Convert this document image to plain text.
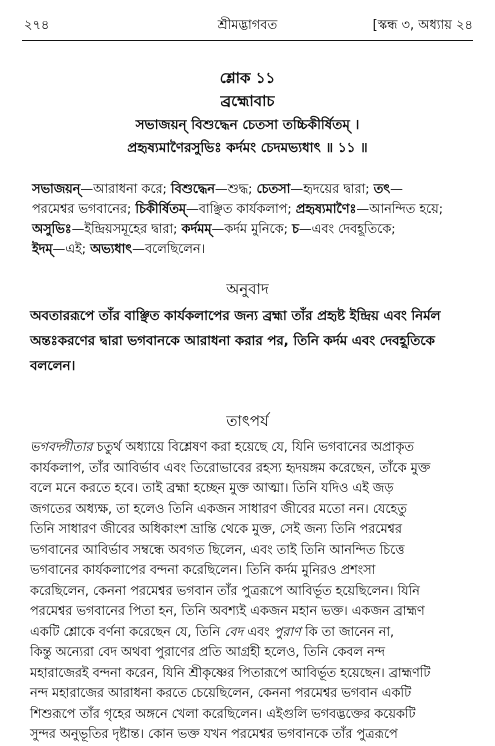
২৭৪	শ্রীমদ্ভাগবত	[স্কন্ধ ৩, অধ্যায় ২৪
শ্লোক ১১
ব্রহ্মোবাচ
সভাজয়ন্ বিশুদ্ধেন চেতসা তচ্চিকীর্ষিতম্ ।
প্রহৃষ্যমাণৈরসুভিঃ কর্দমং চেদমভ্যধাৎ ॥ ১১ ॥
সভাজয়ন্—আরাধনা করে; বিশুদ্ধেন—শুদ্ধ; চেতসা—হৃদয়ের দ্বারা; তৎ—
পরমেশ্বর ভগবানের; চিকীর্ষিতম্—বাঞ্ছিত কার্যকলাপ; প্রহৃষ্যমাণৈঃ—আনন্দিত হয়ে;
অসুভিঃ—ইন্দ্রিয়সমূহের দ্বারা; কর্দমম্—কর্দম মুনিকে; চ—এবং দেবহূতিকে;
ইদম্—এই; অভ্যধাৎ—বলেছিলেন।
অনুবাদ
অবতাররূপে তাঁর বাঞ্ছিত কার্যকলাপের জন্য ব্রহ্মা তাঁর প্রহৃষ্ট ইন্দ্রিয় এবং নির্মল
অন্তঃকরণের দ্বারা ভগবানকে আরাধনা করার পর, তিনি কর্দম এবং দেবহূতিকে
বললেন।
তাৎপর্য
ভগবদ্গীতার চতুর্থ অধ্যায়ে বিশ্লেষণ করা হয়েছে যে, যিনি ভগবানের অপ্রাকৃত
কার্যকলাপ, তাঁর আবির্ভাব এবং তিরোভাবের রহস্য হৃদয়ঙ্গম করেছেন, তাঁকে মুক্ত
বলে মনে করতে হবে। তাই ব্রহ্মা হচ্ছেন মুক্ত আত্মা। তিনি যদিও এই জড়
জগতের অধ্যক্ষ, তা হলেও তিনি একজন সাধারণ জীবের মতো নন। যেহেতু
তিনি সাধারণ জীবের অধিকাংশ ভ্রান্তি থেকে মুক্ত, সেই জন্য তিনি পরমেশ্বর
ভগবানের আবির্ভাব সম্বন্ধে অবগত ছিলেন, এবং তাই তিনি আনন্দিত চিত্তে
ভগবানের কার্যকলাপের বন্দনা করেছিলেন। তিনি কর্দম মুনিরও প্রশংসা
করেছিলেন, কেননা পরমেশ্বর ভগবান তাঁর পুত্ররূপে আবির্ভূত হয়েছিলেন। যিনি
পরমেশ্বর ভগবানের পিতা হন, তিনি অবশ্যই একজন মহান ভক্ত। একজন ব্রাহ্মণ
একটি শ্লোকে বর্ণনা করেছেন যে, তিনি বেদ এবং পুরাণ কি তা জানেন না,
কিন্তু অন্যেরা বেদ অথবা পুরাণের প্রতি আগ্রহী হলেও, তিনি কেবল নন্দ
মহারাজেরই বন্দনা করেন, যিনি শ্রীকৃষ্ণের পিতারূপে আবির্ভূত হয়েছেন। ব্রাহ্মণটি
নন্দ মহারাজের আরাধনা করতে চেয়েছিলেন, কেননা পরমেশ্বর ভগবান একটি
শিশুরূপে তাঁর গৃহের অঙ্গনে খেলা করেছিলেন। এইগুলি ভগবদ্ভক্তের কয়েকটি
সুন্দর অনুভূতির দৃষ্টান্ত। কোন ভক্ত যখন পরমেশ্বর ভগবানকে তাঁর পুত্ররূপে
